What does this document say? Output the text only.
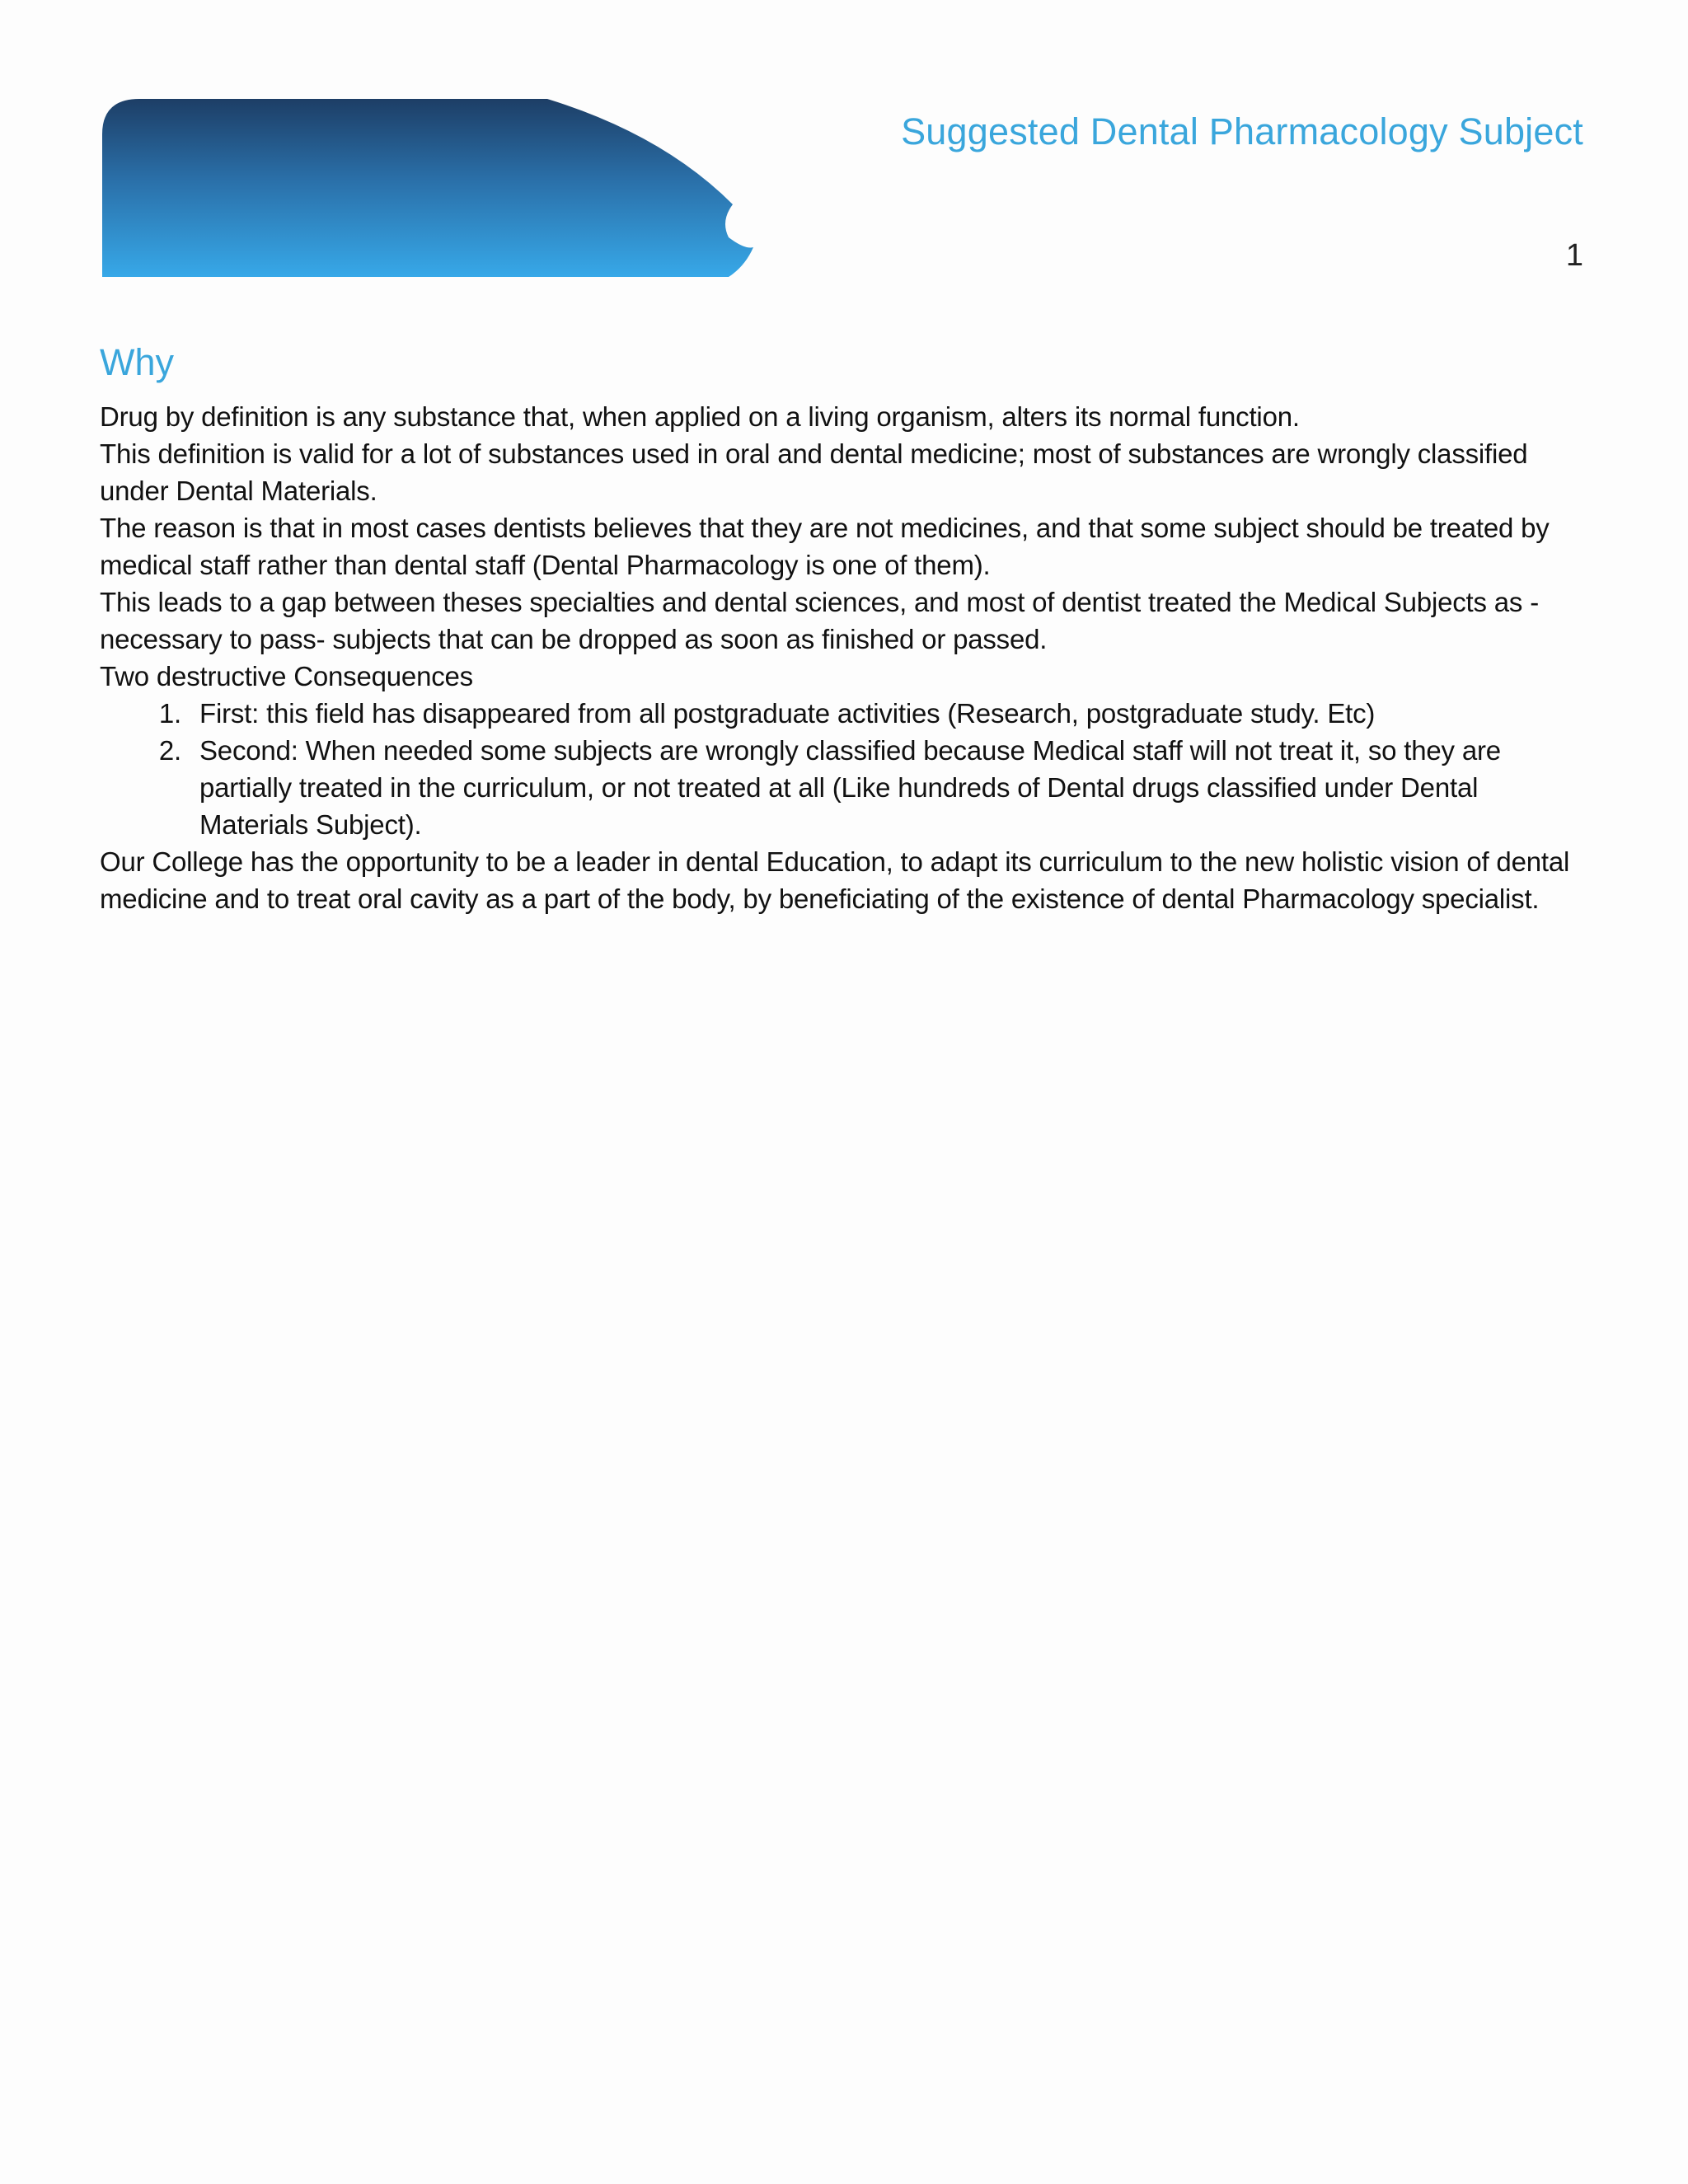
Suggested Dental Pharmacology Subject
1
Why

Drug by definition is any substance that, when applied on a living organism, alters its normal function.

This definition is valid for a lot of substances used in oral and dental medicine; most of substances are wrongly classified under Dental Materials.

The reason is that in most cases dentists believes that they are not medicines, and that some subject should be treated by medical staff rather than dental staff (Dental Pharmacology is one of them).

This leads to a gap between theses specialties and dental sciences, and most of dentist treated the Medical Subjects as -necessary to pass- subjects that can be dropped as soon as finished or passed.

Two destructive Consequences

1. First: this field has disappeared from all postgraduate activities (Research, postgraduate study. Etc)
2. Second: When needed some subjects are wrongly classified because Medical staff will not treat it, so they are partially treated in the curriculum, or not treated at all (Like hundreds of Dental drugs classified under Dental Materials Subject).

Our College has the opportunity to be a leader in dental Education, to adapt its curriculum to the new holistic vision of dental medicine and to treat oral cavity as a part of the body, by beneficiating of the existence of dental Pharmacology specialist.
